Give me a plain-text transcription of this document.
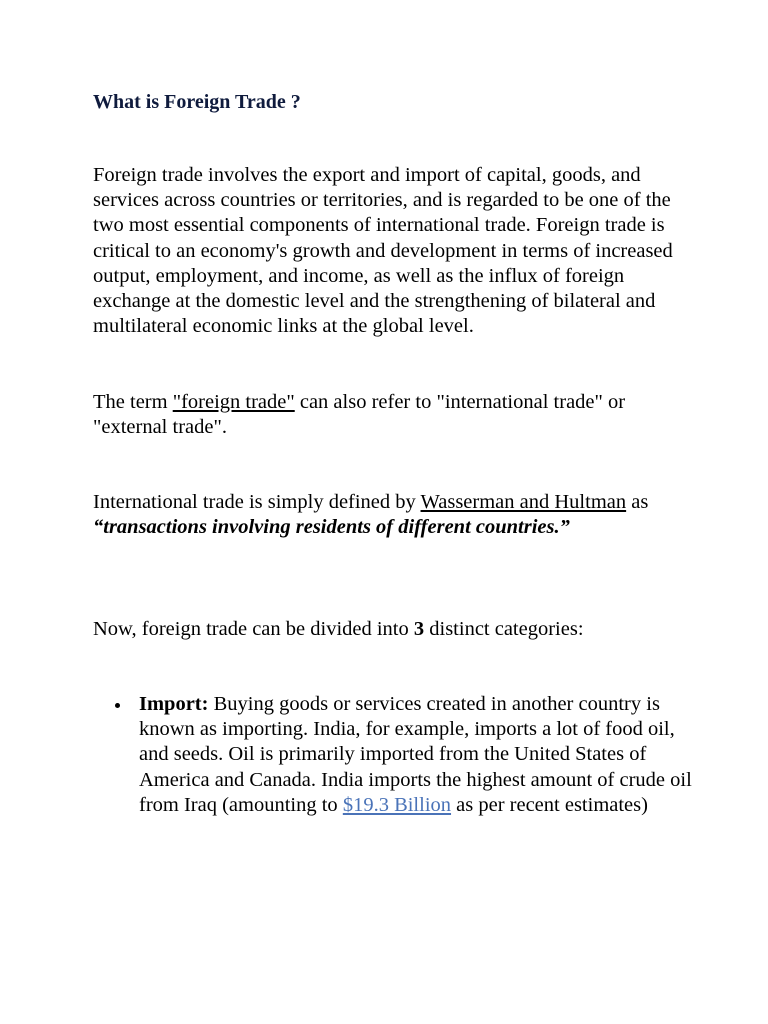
What is Foreign Trade ?

Foreign trade involves the export and import of capital, goods, and services across countries or territories, and is regarded to be one of the two most essential components of international trade. Foreign trade is critical to an economy's growth and development in terms of increased output, employment, and income, as well as the influx of foreign exchange at the domestic level and the strengthening of bilateral and multilateral economic links at the global level.

The term "foreign trade" can also refer to "international trade" or "external trade".

International trade is simply defined by Wasserman and Hultman as “transactions involving residents of different countries.”

Now, foreign trade can be divided into 3 distinct categories:

Import: Buying goods or services created in another country is known as importing. India, for example, imports a lot of food oil, and seeds. Oil is primarily imported from the United States of America and Canada. India imports the highest amount of crude oil from Iraq (amounting to $19.3 Billion as per recent estimates)
